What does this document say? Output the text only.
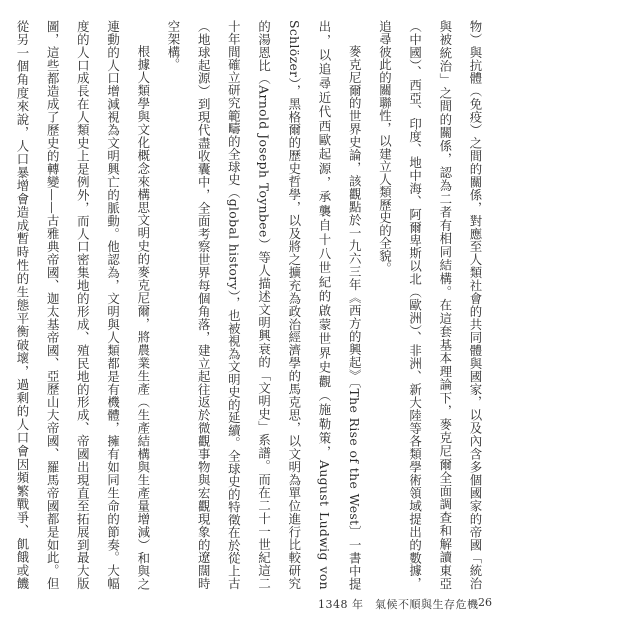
物）與抗體（免疫）之間的關係，對應至人類社會的共同體與國家，以及內含多個國家的帝國「統治與被統治」之間的關係，認為二者有相同結構。在這套基本理論下，麥克尼爾全面調查和解讀東亞（中國）、西亞、印度、地中海、阿爾卑斯以北（歐洲）、非洲、新大陸等各類學術領域提出的數據，追尋彼此的關聯性，以建立人類歷史的全貌。

麥克尼爾的世界史論，該觀點於一九六三年《西方的興起》〔The Rise of the West〕一書中提出，以追尋近代西歐起源，承襲自十八世紀的啟蒙世界史觀（施勒策，August Ludwig von Schlözer），黑格爾的歷史哲學，以及將之擴充為政治經濟學的馬克思，以文明為單位進行比較研究的湯恩比（Arnold Joseph Toynbee）等人描述文明興衰的「文明史」系譜。而在二十一世紀這二十年間確立研究範疇的全球史（global history），也被視為文明史的延續。全球史的特徵在於從上古（地球起源）到現代盡收囊中，全面考察世界每個角落，建立起往返於微觀事物與宏觀現象的遼闊時空架構。

根據人類學與文化概念來構思文明史的麥克尼爾，將農業生產（生產結構與生產量增減）和與之連動的人口增減視為文明興亡的脈動。他認為，文明與人類都是有機體，擁有如同生命的節奏。大幅度的人口成長在人類史上是例外，而人口密集地的形成、殖民地的形成、帝國出現直至拓展到最大版圖，這些都造成了歷史的轉變——古雅典帝國、迦太基帝國、亞歷山大帝國、羅馬帝國都是如此。但從另一個角度來說，人口暴增會造成暫時性的生態平衡破壞，過剩的人口會因頻繁戰爭、飢餓或饑

1348 年　氣候不順與生存危機 26
